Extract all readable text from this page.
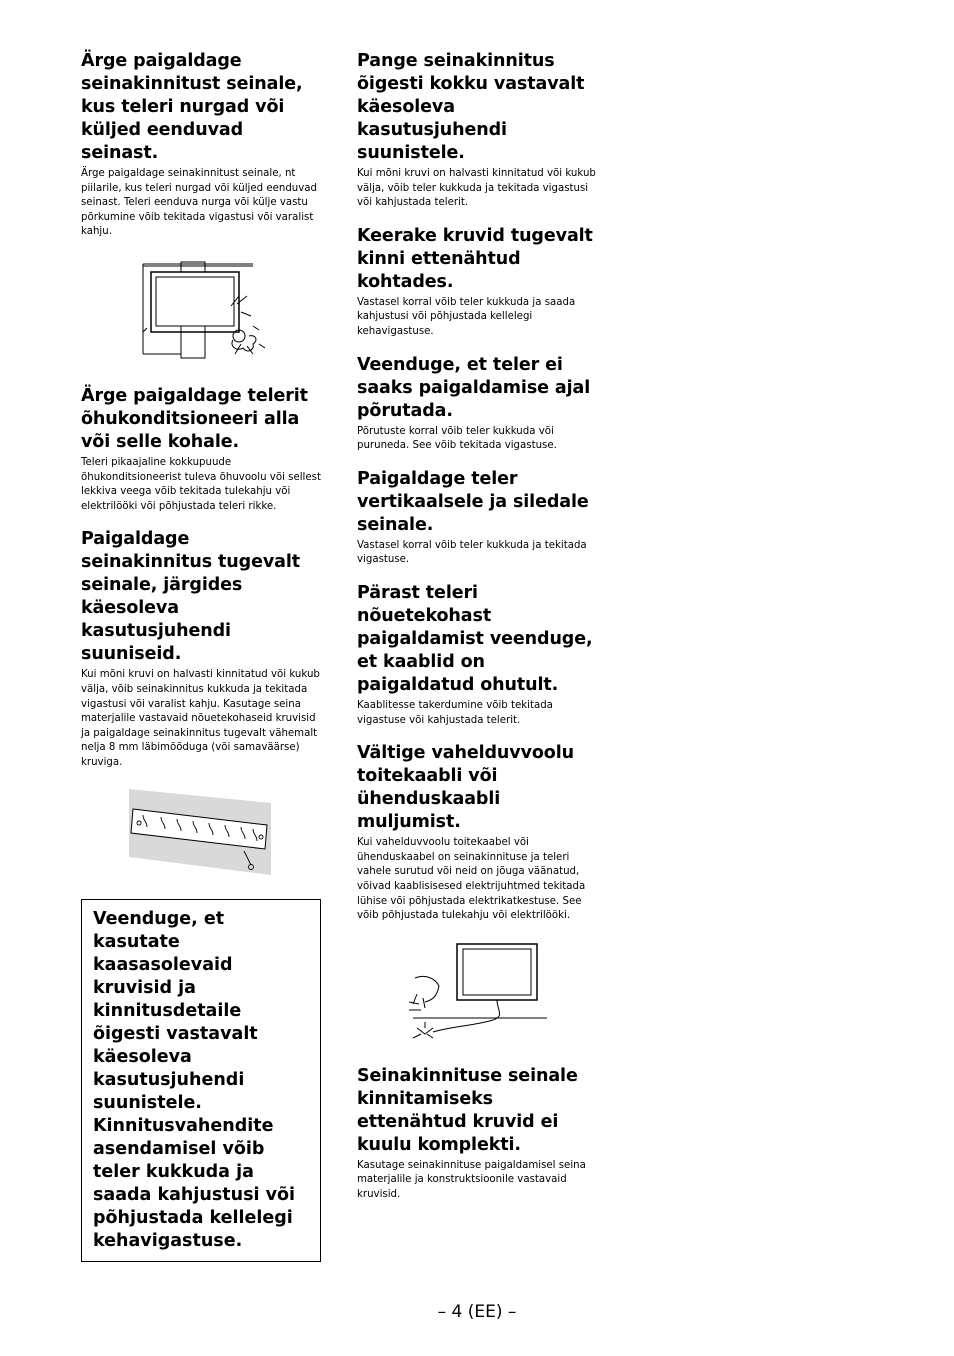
Ärge paigaldage seinakinnitust seinale, kus teleri nurgad või küljed eenduvad seinast.

Ärge paigaldage seinakinnitust seinale, nt piilarile, kus teleri nurgad või küljed eenduvad seinast. Teleri eenduva nurga või külje vastu põrkumine võib tekitada vigastusi või varalist kahju.

Ärge paigaldage telerit õhukonditsioneeri alla või selle kohale.

Teleri pikaajaline kokkupuude õhukonditsioneerist tuleva õhuvoolu või sellest lekkiva veega võib tekitada tulekahju või elektrilööki või põhjustada teleri rikke.

Paigaldage seinakinnitus tugevalt seinale, järgides käesoleva kasutusjuhendi suuniseid.

Kui mõni kruvi on halvasti kinnitatud või kukub välja, võib seinakinnitus kukkuda ja tekitada vigastusi või varalist kahju. Kasutage seina materjalile vastavaid nõuetekohaseid kruvisid ja paigaldage seinakinnitus tugevalt vähemalt nelja 8 mm läbimõõduga (või samaväärse) kruviga.

Veenduge, et kasutate kaasasolevaid kruvisid ja kinnitusdetaile õigesti vastavalt käesoleva kasutusjuhendi suunistele. Kinnitusvahendite asendamisel võib teler kukkuda ja saada kahjustusi või põhjustada kellelegi kehavigastuse.
Pange seinakinnitus õigesti kokku vastavalt käesoleva kasutusjuhendi suunistele.

Kui mõni kruvi on halvasti kinnitatud või kukub välja, võib teler kukkuda ja tekitada vigastusi või kahjustada telerit.

Keerake kruvid tugevalt kinni ettenähtud kohtades.

Vastasel korral võib teler kukkuda ja saada kahjustusi või põhjustada kellelegi kehavigastuse.

Veenduge, et teler ei saaks paigaldamise ajal põrutada.

Põrutuste korral võib teler kukkuda või puruneda. See võib tekitada vigastuse.

Paigaldage teler vertikaalsele ja siledale seinale.

Vastasel korral võib teler kukkuda ja tekitada vigastuse.

Pärast teleri nõuetekohast paigaldamist veenduge, et kaablid on paigaldatud ohutult.

Kaablitesse takerdumine võib tekitada vigastuse või kahjustada telerit.

Vältige vahelduvvoolu toitekaabli või ühenduskaabli muljumist.

Kui vahelduvvoolu toitekaabel või ühenduskaabel on seinakinnituse ja teleri vahele surutud või neid on jõuga väänatud, võivad kaablisisesed elektrijuhtmed tekitada lühise või põhjustada elektrikatkestuse. See võib põhjustada tulekahju või elektrilööki.

Seinakinnituse seinale kinnitamiseks ettenähtud kruvid ei kuulu komplekti.

Kasutage seinakinnituse paigaldamisel seina materjalile ja konstruktsioonile vastavaid kruvisid.

– 4 (EE) –
